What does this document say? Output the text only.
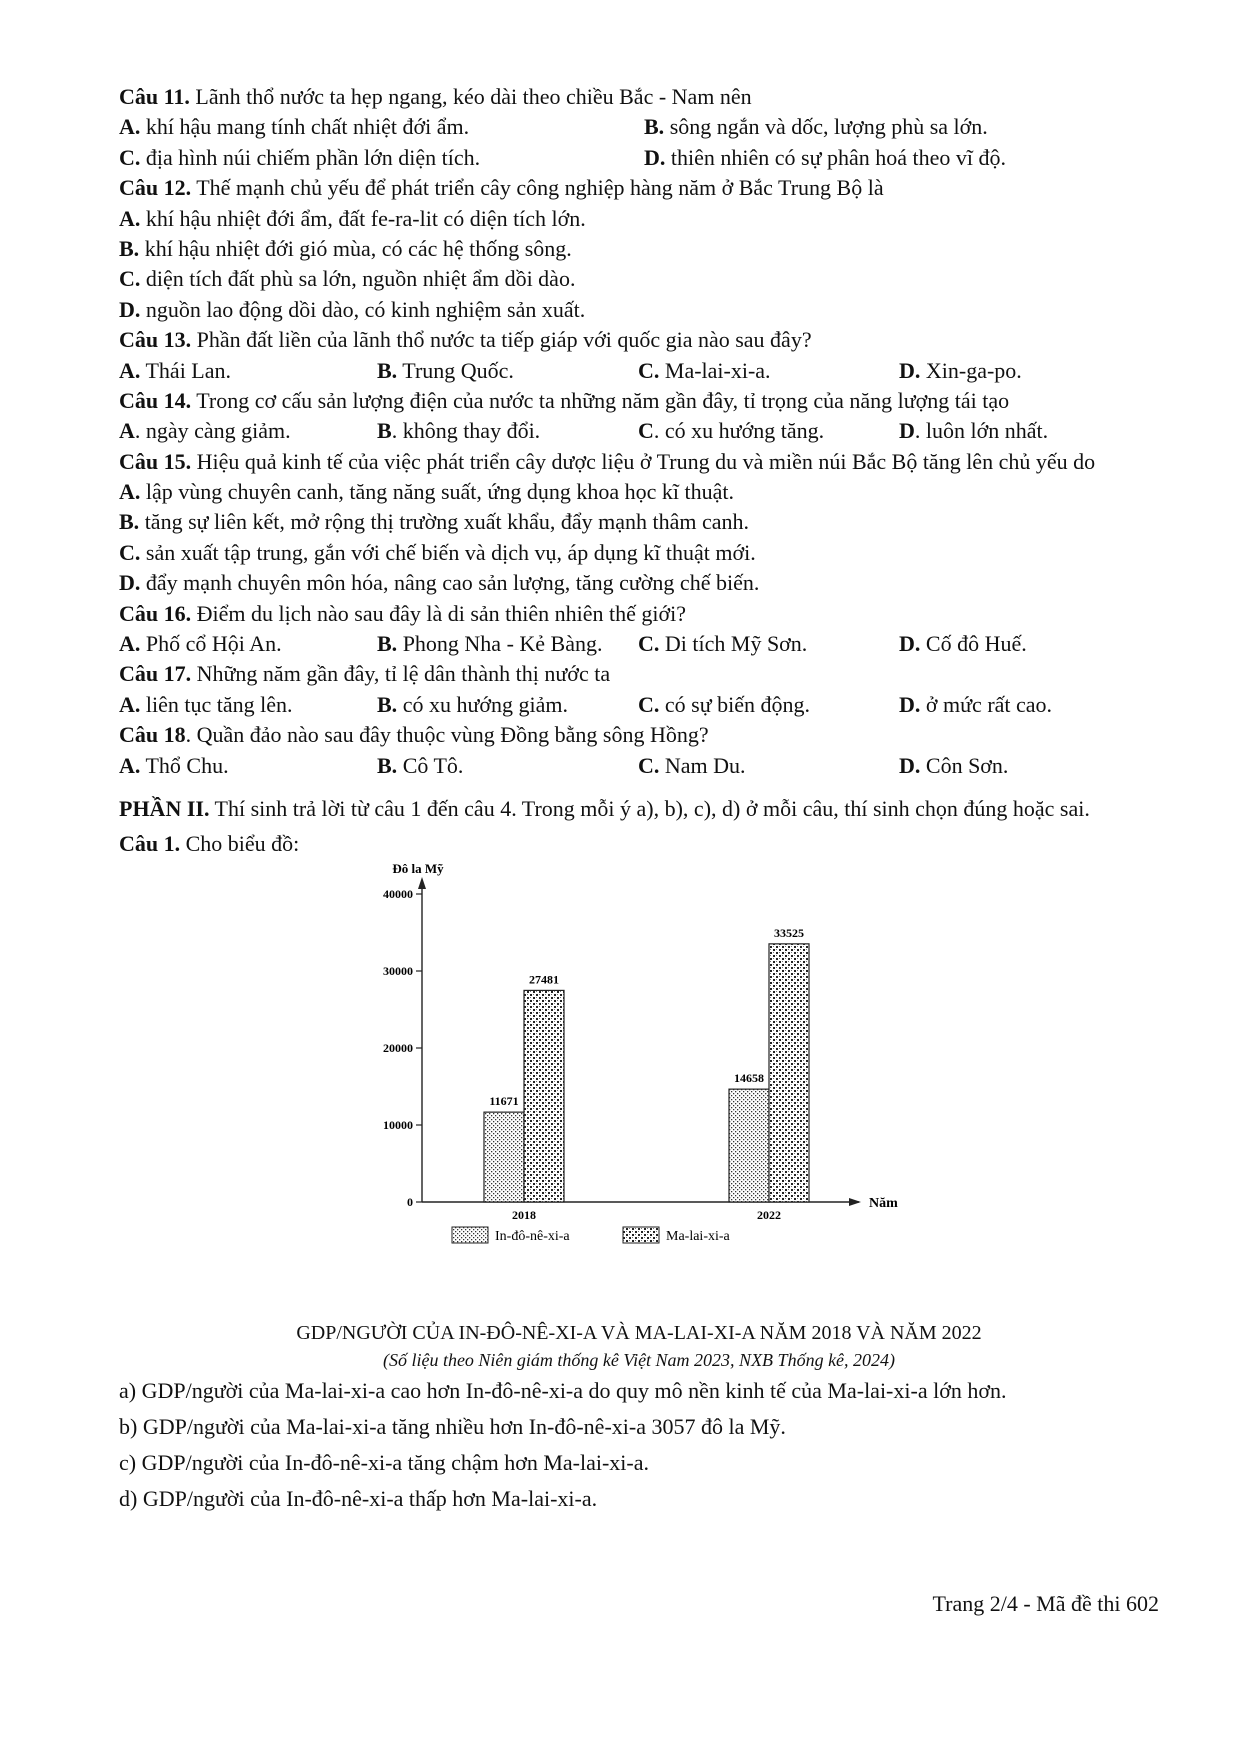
Câu 11. Lãnh thổ nước ta hẹp ngang, kéo dài theo chiều Bắc - Nam nên
A. khí hậu mang tính chất nhiệt đới ẩm.	B. sông ngắn và dốc, lượng phù sa lớn.
C. địa hình núi chiếm phần lớn diện tích.	D. thiên nhiên có sự phân hoá theo vĩ độ.
Câu 12. Thế mạnh chủ yếu để phát triển cây công nghiệp hàng năm ở Bắc Trung Bộ là
A. khí hậu nhiệt đới ẩm, đất fe-ra-lit có diện tích lớn.
B. khí hậu nhiệt đới gió mùa, có các hệ thống sông.
C. diện tích đất phù sa lớn, nguồn nhiệt ẩm dồi dào.
D. nguồn lao động dồi dào, có kinh nghiệm sản xuất.
Câu 13. Phần đất liền của lãnh thổ nước ta tiếp giáp với quốc gia nào sau đây?
A. Thái Lan.	B. Trung Quốc.	C. Ma-lai-xi-a.	D. Xin-ga-po.
Câu 14. Trong cơ cấu sản lượng điện của nước ta những năm gần đây, tỉ trọng của năng lượng tái tạo
A. ngày càng giảm.	B. không thay đổi.	C. có xu hướng tăng.	D. luôn lớn nhất.
Câu 15. Hiệu quả kinh tế của việc phát triển cây dược liệu ở Trung du và miền núi Bắc Bộ tăng lên chủ yếu do
A. lập vùng chuyên canh, tăng năng suất, ứng dụng khoa học kĩ thuật.
B. tăng sự liên kết, mở rộng thị trường xuất khẩu, đẩy mạnh thâm canh.
C. sản xuất tập trung, gắn với chế biến và dịch vụ, áp dụng kĩ thuật mới.
D. đẩy mạnh chuyên môn hóa, nâng cao sản lượng, tăng cường chế biến.
Câu 16. Điểm du lịch nào sau đây là di sản thiên nhiên thế giới?
A. Phố cổ Hội An.	B. Phong Nha - Kẻ Bàng. C. Di tích Mỹ Sơn.	D. Cố đô Huế.
Câu 17. Những năm gần đây, tỉ lệ dân thành thị nước ta
A. liên tục tăng lên.	B. có xu hướng giảm.	C. có sự biến động.	D. ở mức rất cao.
Câu 18. Quần đảo nào sau đây thuộc vùng Đồng bằng sông Hồng?
A. Thổ Chu.	B. Cô Tô.	C. Nam Du.	D. Côn Sơn.
PHẦN II. Thí sinh trả lời từ câu 1 đến câu 4. Trong mỗi ý a), b), c), d) ở mỗi câu, thí sinh chọn đúng hoặc sai.
Câu 1. Cho biểu đồ:
0
10000
20000
30000
40000
Đô la Mỹ
Năm
11671
27481
2018
14658
33525
2022
In-đô-nê-xi-a	Ma-lai-xi-a
GDP/NGƯỜI CỦA IN-ĐÔ-NÊ-XI-A VÀ MA-LAI-XI-A NĂM 2018 VÀ NĂM 2022
(Số liệu theo Niên giám thống kê Việt Nam 2023, NXB Thống kê, 2024)
a) GDP/người của Ma-lai-xi-a cao hơn In-đô-nê-xi-a do quy mô nền kinh tế của Ma-lai-xi-a lớn hơn.
b) GDP/người của Ma-lai-xi-a tăng nhiều hơn In-đô-nê-xi-a 3057 đô la Mỹ.
c) GDP/người của In-đô-nê-xi-a tăng chậm hơn Ma-lai-xi-a.
d) GDP/người của In-đô-nê-xi-a thấp hơn Ma-lai-xi-a.
Trang 2/4 - Mã đề thi 602
